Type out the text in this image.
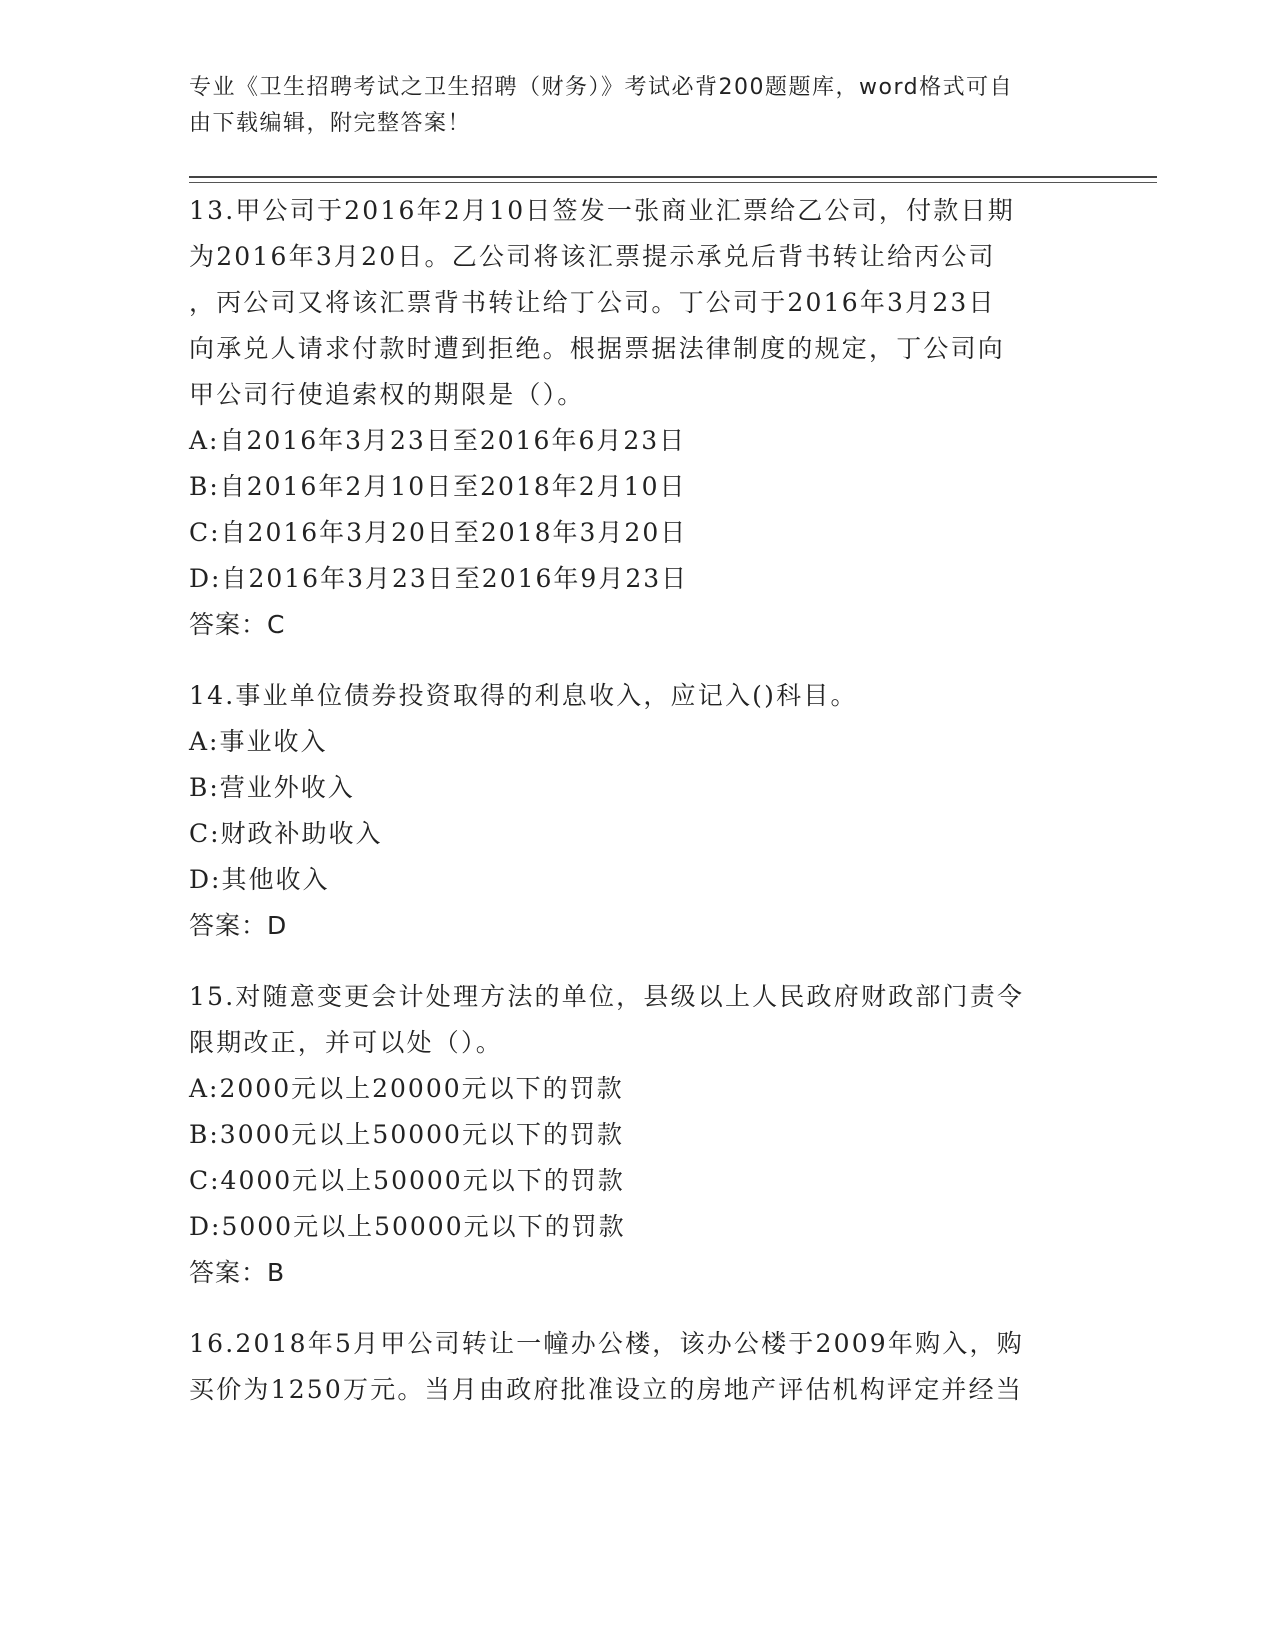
专业《卫生招聘考试之卫生招聘（财务）》考试必背200题题库，word格式可自
由下载编辑，附完整答案！

13.甲公司于2016年2月10日签发一张商业汇票给乙公司，付款日期

为2016年3月20日。乙公司将该汇票提示承兑后背书转让给丙公司

，丙公司又将该汇票背书转让给丁公司。丁公司于2016年3月23日

向承兑人请求付款时遭到拒绝。根据票据法律制度的规定，丁公司向

甲公司行使追索权的期限是（）。

A:自2016年3月23日至2016年6月23日

B:自2016年2月10日至2018年2月10日

C:自2016年3月20日至2018年3月20日

D:自2016年3月23日至2016年9月23日

答案：C

14.事业单位债券投资取得的利息收入，应记入()科目。

A:事业收入

B:营业外收入

C:财政补助收入

D:其他收入

答案：D

15.对随意变更会计处理方法的单位，县级以上人民政府财政部门责令

限期改正，并可以处（）。

A:2000元以上20000元以下的罚款

B:3000元以上50000元以下的罚款

C:4000元以上50000元以下的罚款

D:5000元以上50000元以下的罚款

答案：B

16.2018年5月甲公司转让一幢办公楼，该办公楼于2009年购入，购

买价为1250万元。当月由政府批准设立的房地产评估机构评定并经当
